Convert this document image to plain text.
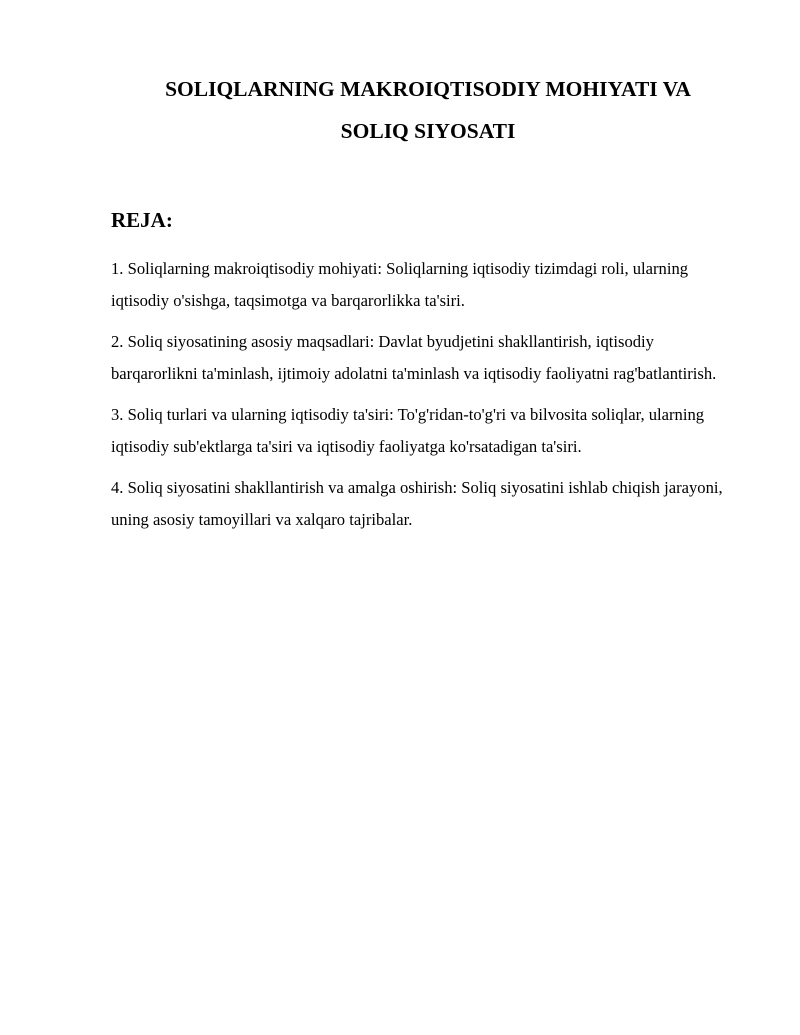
SOLIQLARNING MAKROIQTISODIY MOHIYATI VA
SOLIQ SIYOSATI
REJA:
1. Soliqlarning makroiqtisodiy mohiyati: Soliqlarning iqtisodiy tizimdagi roli, ularning iqtisodiy o'sishga, taqsimotga va barqarorlikka ta'siri.
2. Soliq siyosatining asosiy maqsadlari: Davlat byudjetini shakllantirish, iqtisodiy barqarorlikni ta'minlash, ijtimoiy adolatni ta'minlash va iqtisodiy faoliyatni rag'batlantirish.
3. Soliq turlari va ularning iqtisodiy ta'siri: To'g'ridan-to'g'ri va bilvosita soliqlar, ularning iqtisodiy sub'ektlarga ta'siri va iqtisodiy faoliyatga ko'rsatadigan ta'siri.
4. Soliq siyosatini shakllantirish va amalga oshirish: Soliq siyosatini ishlab chiqish jarayoni, uning asosiy tamoyillari va xalqaro tajribalar.
